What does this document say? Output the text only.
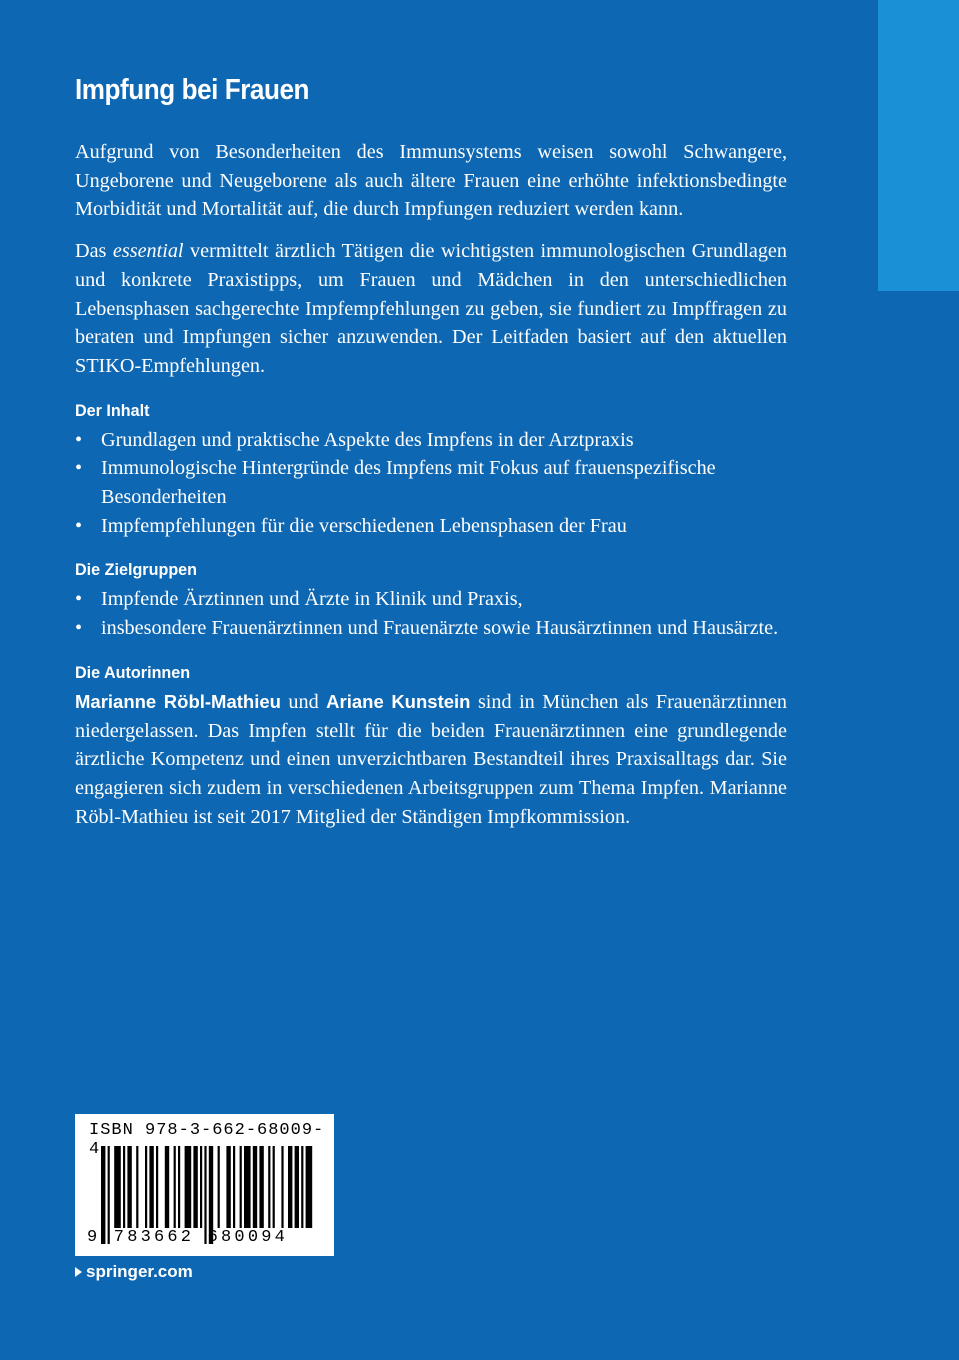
Impfung bei Frauen

Aufgrund von Besonderheiten des Immunsystems weisen sowohl Schwangere, Ungeborene und Neugeborene als auch ältere Frauen eine erhöhte infektionsbedingte Morbidität und Mortalität auf, die durch Impfungen reduziert werden kann.

Das essential vermittelt ärztlich Tätigen die wichtigsten immunologischen Grundlagen und konkrete Praxistipps, um Frauen und Mädchen in den unterschiedlichen Lebensphasen sachgerechte Impfempfehlungen zu geben, sie fundiert zu Impffragen zu beraten und Impfungen sicher anzuwenden. Der Leitfaden basiert auf den aktuellen STIKO-Empfehlungen.

Der Inhalt
• Grundlagen und praktische Aspekte des Impfens in der Arztpraxis
• Immunologische Hintergründe des Impfens mit Fokus auf frauenspezifische Besonderheiten
• Impfempfehlungen für die verschiedenen Lebensphasen der Frau
Die Zielgruppen
• Impfende Ärztinnen und Ärzte in Klinik und Praxis,
• insbesondere Frauenärztinnen und Frauenärzte sowie Hausärztinnen und Hausärzte.
Die Autorinnen

Marianne Röbl-Mathieu und Ariane Kunstein sind in München als Frauenärztinnen niedergelassen. Das Impfen stellt für die beiden Frauenärztinnen eine grundlegende ärztliche Kompetenz und einen unverzichtbaren Bestandteil ihres Praxisalltags dar. Sie engagieren sich zudem in verschiedenen Arbeitsgruppen zum Thema Impfen. Marianne Röbl-Mathieu ist seit 2017 Mitglied der Ständigen Impfkommission.

ISBN 978-3-662-68009-4
9 783662 680094
springer.com
